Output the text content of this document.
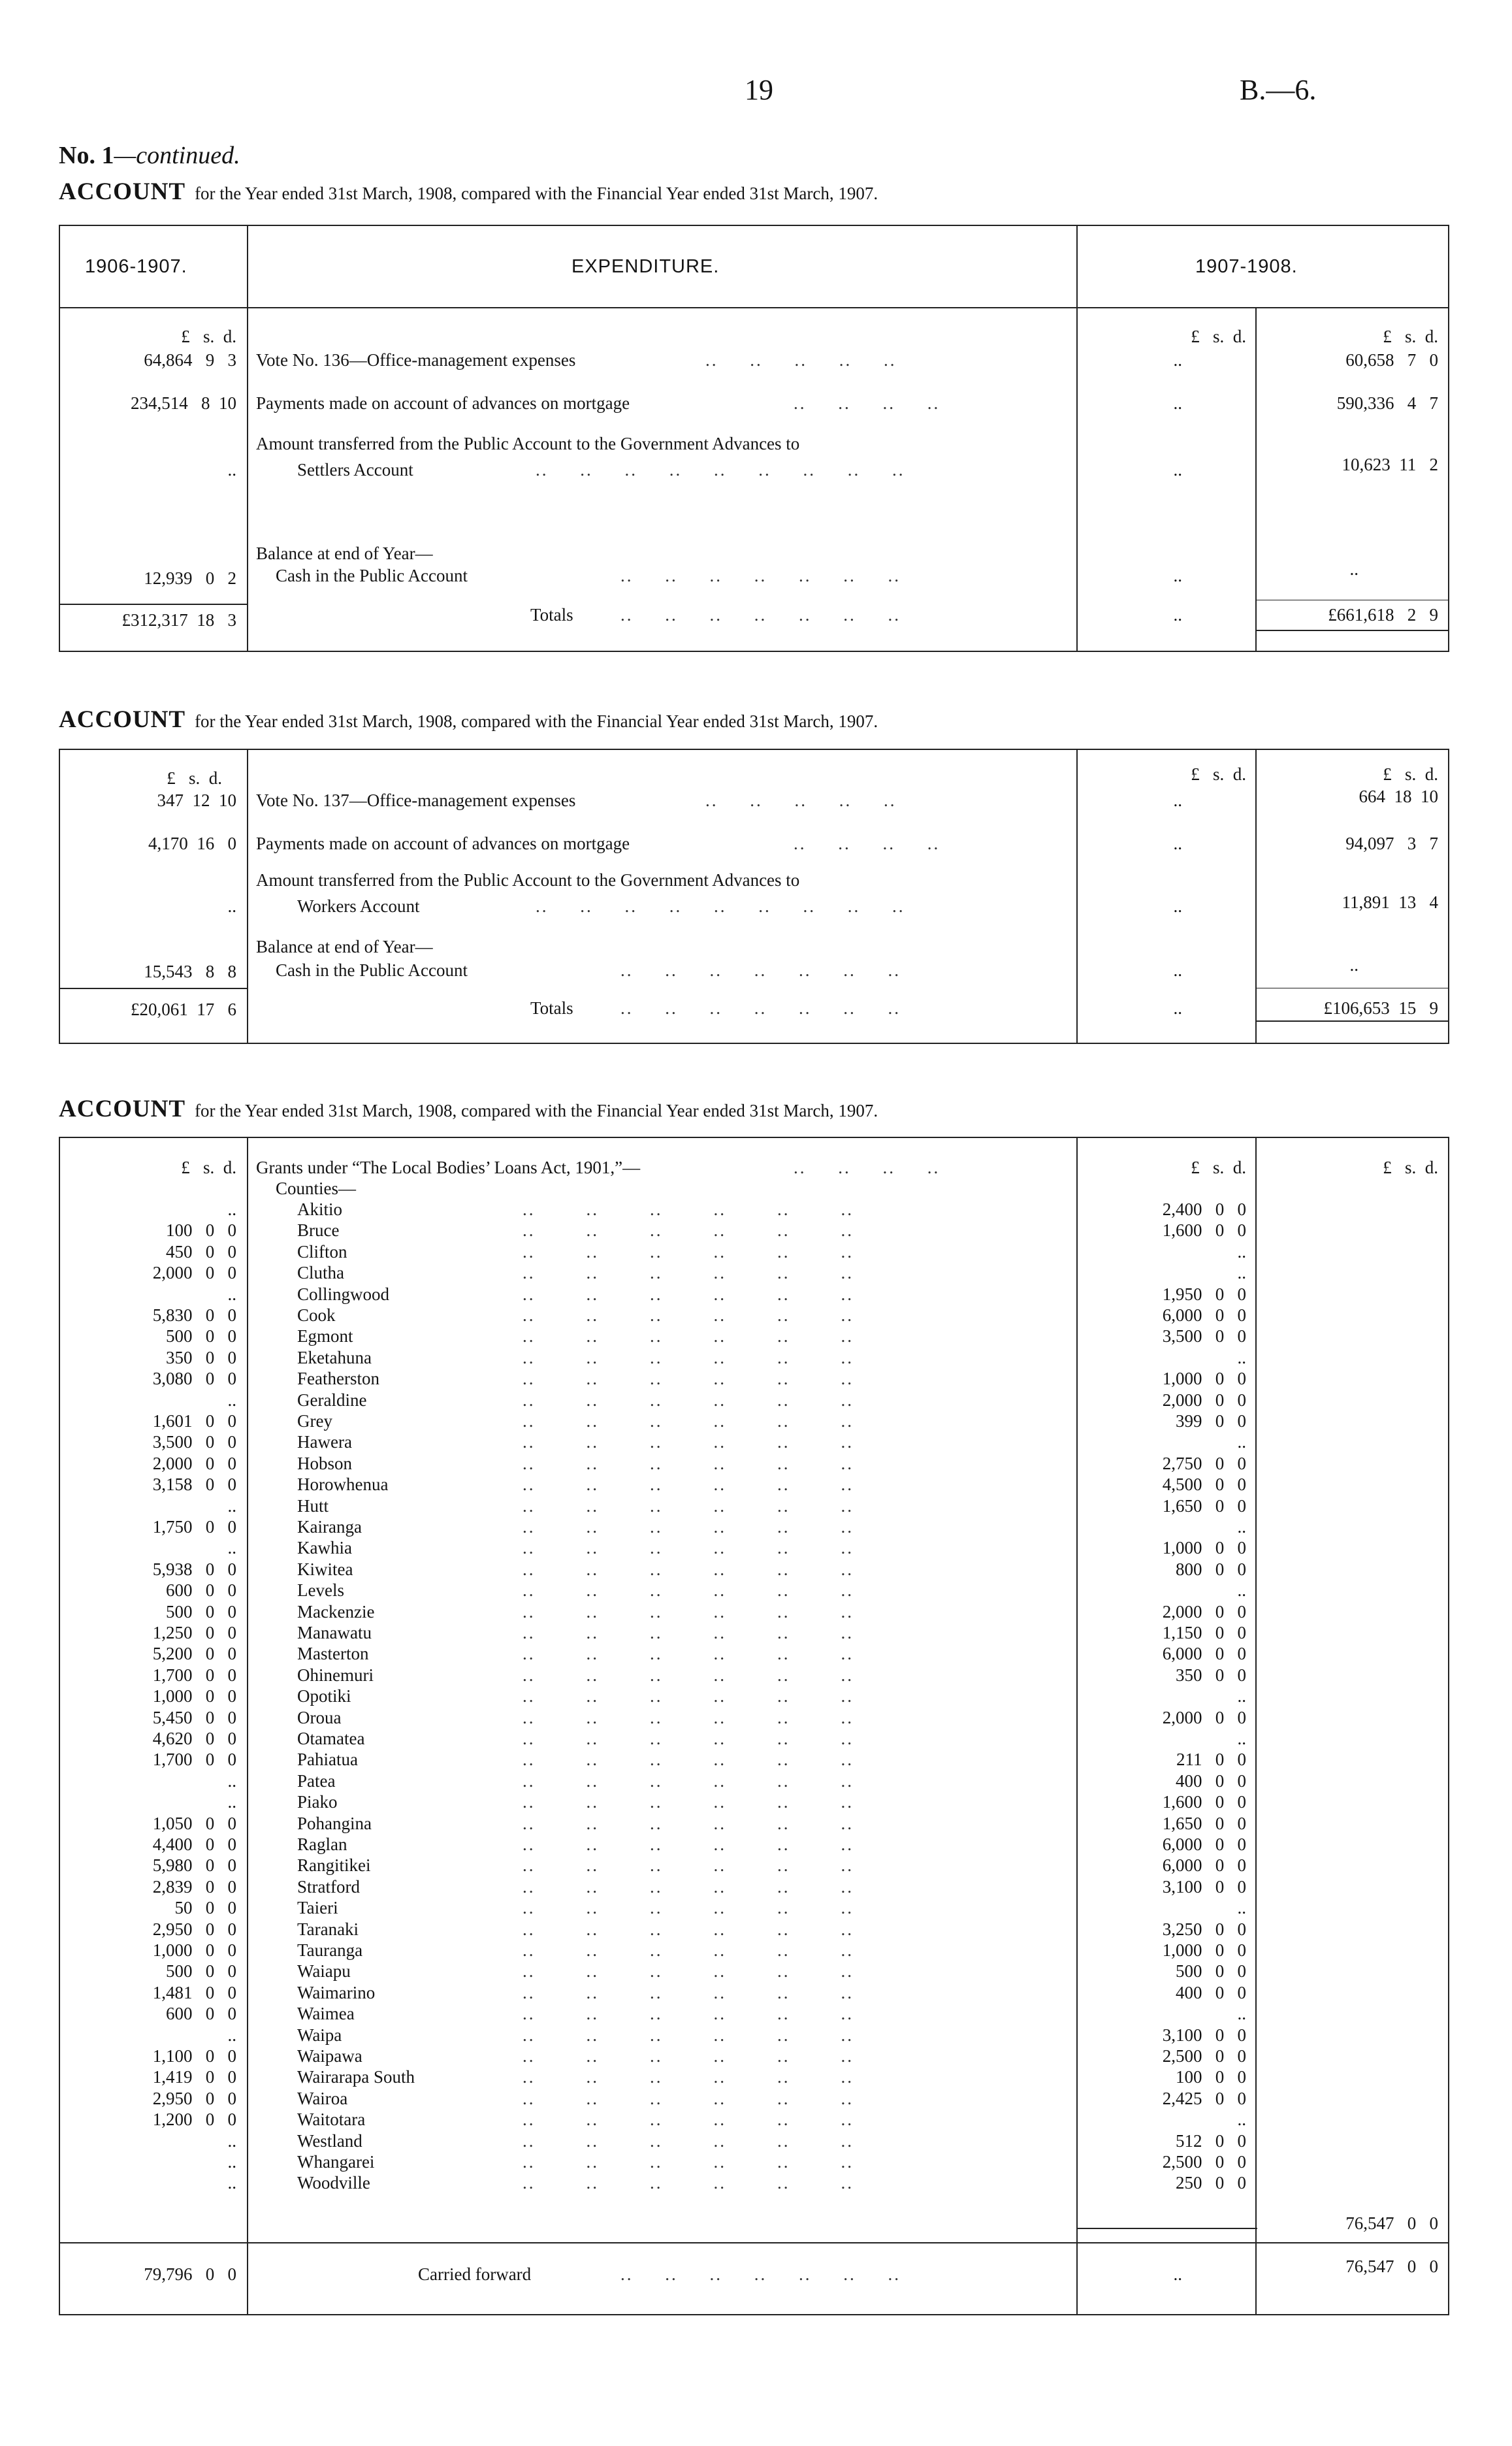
19	B.—6.
No. 1—continued.
ACCOUNT for the Year ended 31st March, 1908, compared with the Financial Year ended 31st March, 1907.
1906-1907.	EXPENDITURE.	1907-1908.
£   s.  d.	£   s.  d.	£   s.  d.
64,864   9   3 Vote No. 136—Office-management expenses	..     ..     ..     ..     ..	..	60,658   7   0
234,514   8  10 Payments made on account of advances on mortgage	..     ..     ..     ..	..	590,336   4   7
Amount transferred from the Public Account to the Government Advances to
..	Settlers Account	..     ..     ..     ..     ..     ..     ..     ..     ..	..	10,623  11   2
Balance at end of Year—
12,939   0   2 Cash in the Public Account	..     ..     ..     ..     ..     ..     ..	..	..
£312,317  18   3	Totals	..     ..     ..     ..     ..     ..     ..	..	£661,618   2   9
ACCOUNT for the Year ended 31st March, 1908, compared with the Financial Year ended 31st March, 1907.
£   s.  d.	£   s.  d.	£   s.  d.
347  12  10 Vote No. 137—Office-management expenses	..     ..     ..     ..     ..	..	664  18  10
4,170  16   0 Payments made on account of advances on mortgage	..     ..     ..     ..	..	94,097   3   7
Amount transferred from the Public Account to the Government Advances to
..	Workers Account	..     ..     ..     ..     ..     ..     ..     ..     ..	..	11,891  13   4
Balance at end of Year—
15,543   8   8 Cash in the Public Account	..     ..     ..     ..     ..     ..     ..	..	..
£20,061  17   6	Totals	..     ..     ..     ..     ..     ..     ..	..	£106,653  15   9
ACCOUNT for the Year ended 31st March, 1908, compared with the Financial Year ended 31st March, 1907.
£   s.  d.	£   s.  d.	£   s.  d.
Grants under “The Local Bodies’ Loans Act, 1901,”—	..     ..     ..     ..
Counties—
..	Akitio	..        ..        ..        ..        ..        ..	2,400   0   0
100   0   0	Bruce	..        ..        ..        ..        ..        ..	1,600   0   0
450   0   0	Clifton	..        ..        ..        ..        ..        ..	..
2,000   0   0	Clutha	..        ..        ..        ..        ..        ..	..
..	Collingwood	..        ..        ..        ..        ..        ..	1,950   0   0
5,830   0   0	Cook	..        ..        ..        ..        ..        ..	6,000   0   0
500   0   0	Egmont	..        ..        ..        ..        ..        ..	3,500   0   0
350   0   0	Eketahuna	..        ..        ..        ..        ..        ..	..
3,080   0   0	Featherston	..        ..        ..        ..        ..        ..	1,000   0   0
..	Geraldine	..        ..        ..        ..        ..        ..	2,000   0   0
1,601   0   0	Grey	..        ..        ..        ..        ..        ..	399   0   0
3,500   0   0	Hawera	..        ..        ..        ..        ..        ..	..
2,000   0   0	Hobson	..        ..        ..        ..        ..        ..	2,750   0   0
3,158   0   0	Horowhenua	..        ..        ..        ..        ..        ..	4,500   0   0
..	Hutt	..        ..        ..        ..        ..        ..	1,650   0   0
1,750   0   0	Kairanga	..        ..        ..        ..        ..        ..	..
..	Kawhia	..        ..        ..        ..        ..        ..	1,000   0   0
5,938   0   0	Kiwitea	..        ..        ..        ..        ..        ..	800   0   0
600   0   0	Levels	..        ..        ..        ..        ..        ..	..
500   0   0	Mackenzie	..        ..        ..        ..        ..        ..	2,000   0   0
1,250   0   0	Manawatu	..        ..        ..        ..        ..        ..	1,150   0   0
5,200   0   0	Masterton	..        ..        ..        ..        ..        ..	6,000   0   0
1,700   0   0	Ohinemuri	..        ..        ..        ..        ..        ..	350   0   0
1,000   0   0	Opotiki	..        ..        ..        ..        ..        ..	..
5,450   0   0	Oroua	..        ..        ..        ..        ..        ..	2,000   0   0
4,620   0   0	Otamatea	..        ..        ..        ..        ..        ..	..
1,700   0   0	Pahiatua	..        ..        ..        ..        ..        ..	211   0   0
..	Patea	..        ..        ..        ..        ..        ..	400   0   0
..	Piako	..        ..        ..        ..        ..        ..	1,600   0   0
1,050   0   0	Pohangina	..        ..        ..        ..        ..        ..	1,650   0   0
4,400   0   0	Raglan	..        ..        ..        ..        ..        ..	6,000   0   0
5,980   0   0	Rangitikei	..        ..        ..        ..        ..        ..	6,000   0   0
2,839   0   0	Stratford	..        ..        ..        ..        ..        ..	3,100   0   0
50   0   0	Taieri	..        ..        ..        ..        ..        ..	..
2,950   0   0	Taranaki	..        ..        ..        ..        ..        ..	3,250   0   0
1,000   0   0	Tauranga	..        ..        ..        ..        ..        ..	1,000   0   0
500   0   0	Waiapu	..        ..        ..        ..        ..        ..	500   0   0
1,481   0   0	Waimarino	..        ..        ..        ..        ..        ..	400   0   0
600   0   0	Waimea	..        ..        ..        ..        ..        ..	..
..	Waipa	..        ..        ..        ..        ..        ..	3,100   0   0
1,100   0   0	Waipawa	..        ..        ..        ..        ..        ..	2,500   0   0
1,419   0   0	Wairarapa South	..        ..        ..        ..        ..        ..	100   0   0
2,950   0   0	Wairoa	..        ..        ..        ..        ..        ..	2,425   0   0
1,200   0   0	Waitotara	..        ..        ..        ..        ..        ..	..
..	Westland	..        ..        ..        ..        ..        ..	512   0   0
..	Whangarei	..        ..        ..        ..        ..        ..	2,500   0   0
..	Woodville	..        ..        ..        ..        ..        ..	250   0   0
76,547   0   0
79,796   0   0	Carried forward	..     ..     ..     ..     ..     ..     ..	..	76,547   0   0
